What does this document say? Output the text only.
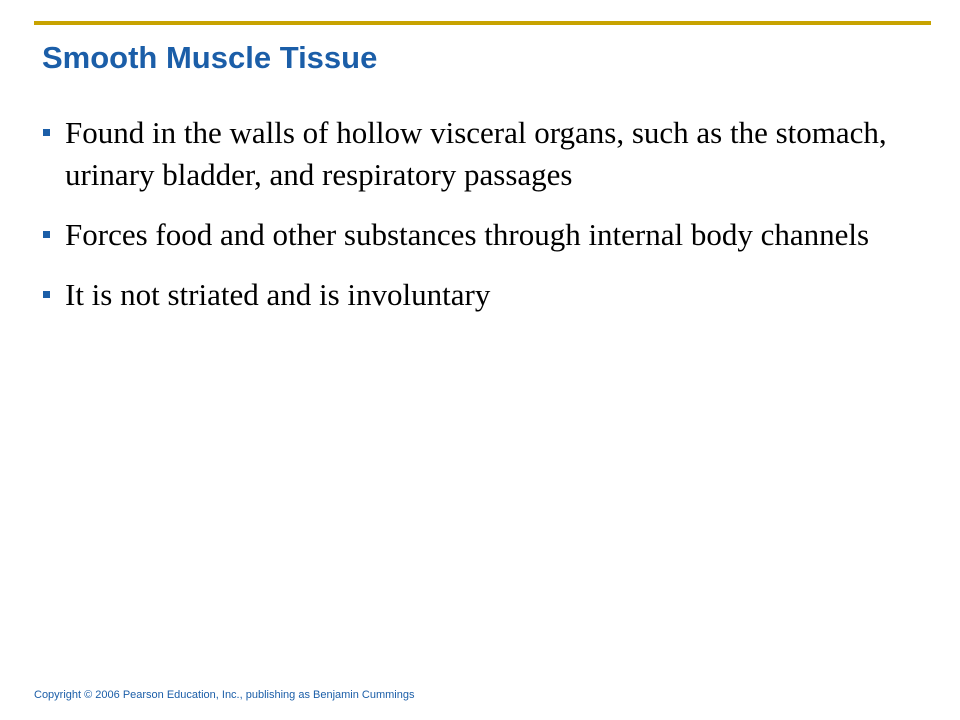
Smooth Muscle Tissue
Found in the walls of hollow visceral organs, such as the stomach, urinary bladder, and respiratory passages
Forces food and other substances through internal body channels
It is not striated and is involuntary
Copyright © 2006 Pearson Education, Inc., publishing as Benjamin Cummings
